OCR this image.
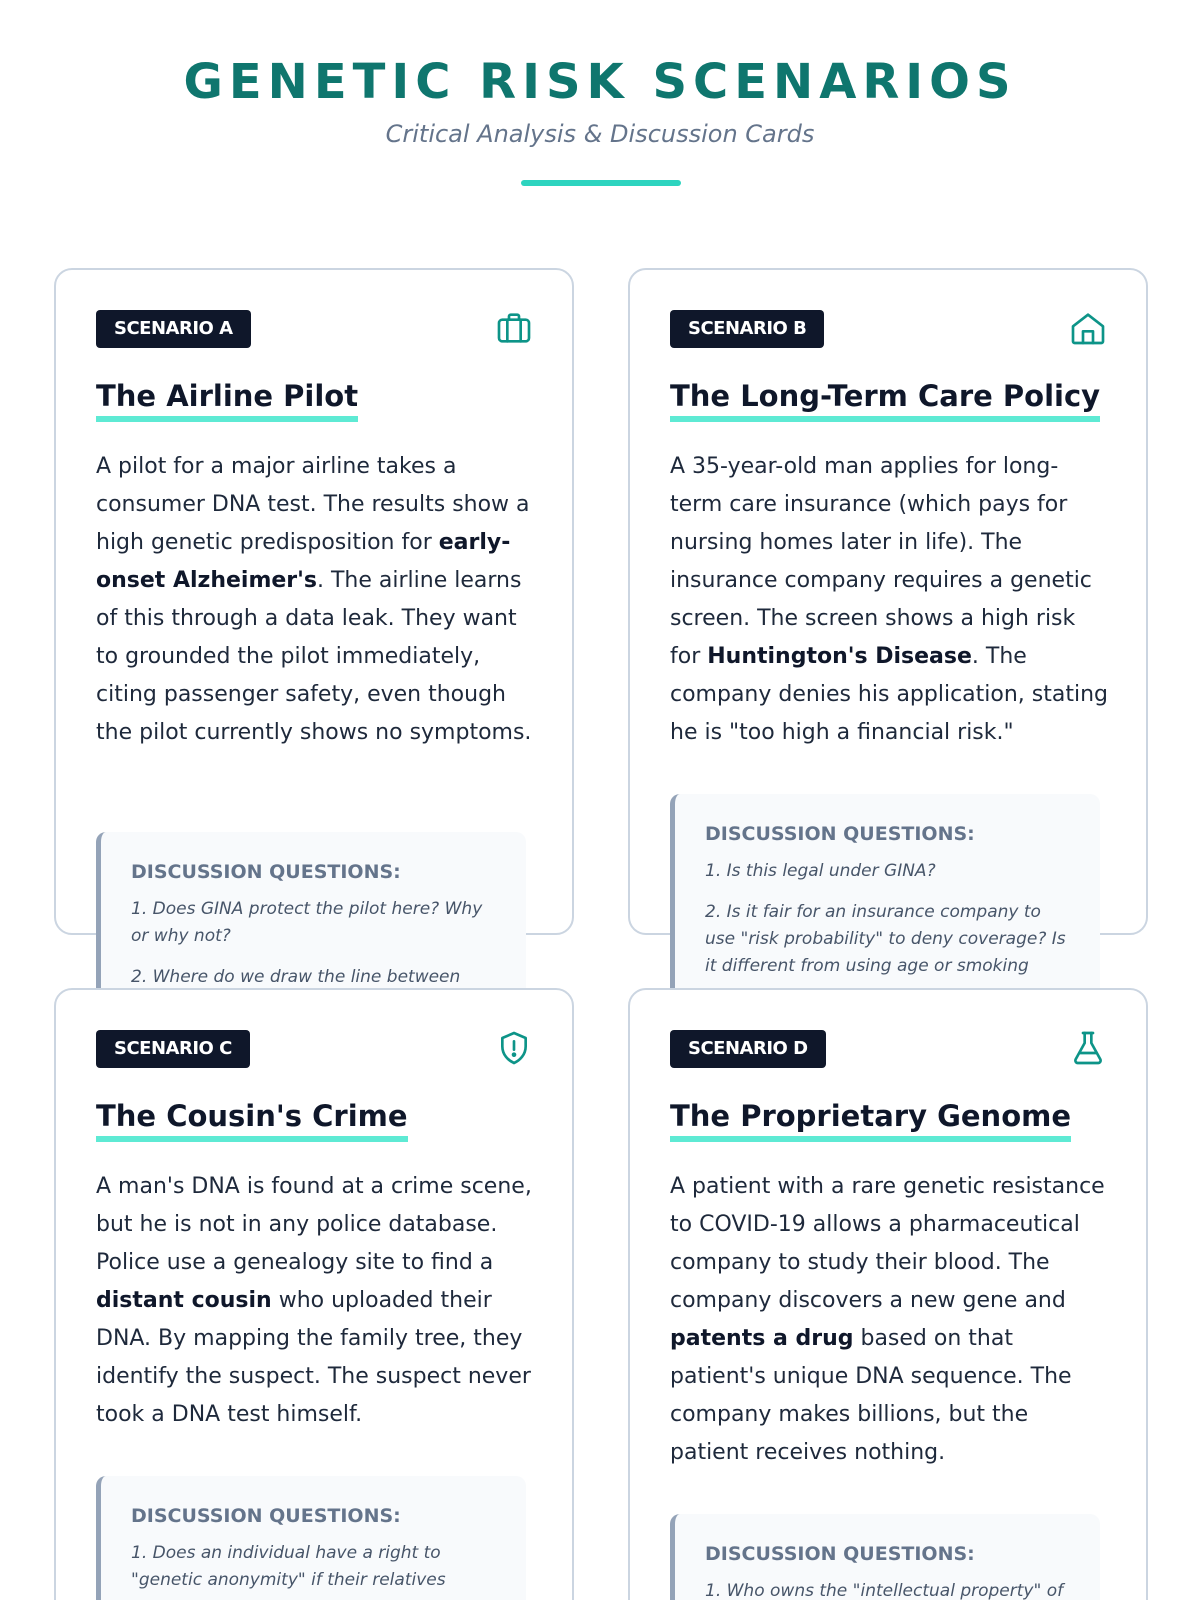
GENETIC RISK SCENARIOS
Critical Analysis & Discussion Cards
SCENARIO A
The Airline Pilot
A pilot for a major airline takes a consumer DNA test. The results show a high genetic predisposition for early-onset Alzheimer's. The airline learns of this through a data leak. They want to grounded the pilot immediately, citing passenger safety, even though the pilot currently shows no symptoms.
DISCUSSION QUESTIONS:
1. Does GINA protect the pilot here? Why or why not?
2. Where do we draw the line between
SCENARIO B
The Long-Term Care Policy
A 35-year-old man applies for long-term care insurance (which pays for nursing homes later in life). The insurance company requires a genetic screen. The screen shows a high risk for Huntington's Disease. The company denies his application, stating he is "too high a financial risk."
DISCUSSION QUESTIONS:
1. Is this legal under GINA?
2. Is it fair for an insurance company to use "risk probability" to deny coverage? Is it different from using age or smoking
SCENARIO C
The Cousin's Crime
A man's DNA is found at a crime scene, but he is not in any police database. Police use a genealogy site to find a distant cousin who uploaded their DNA. By mapping the family tree, they identify the suspect. The suspect never took a DNA test himself.
DISCUSSION QUESTIONS:
1. Does an individual have a right to "genetic anonymity" if their relatives
SCENARIO D
The Proprietary Genome
A patient with a rare genetic resistance to COVID-19 allows a pharmaceutical company to study their blood. The company discovers a new gene and patents a drug based on that patient's unique DNA sequence. The company makes billions, but the patient receives nothing.
DISCUSSION QUESTIONS:
1. Who owns the "intellectual property" of
